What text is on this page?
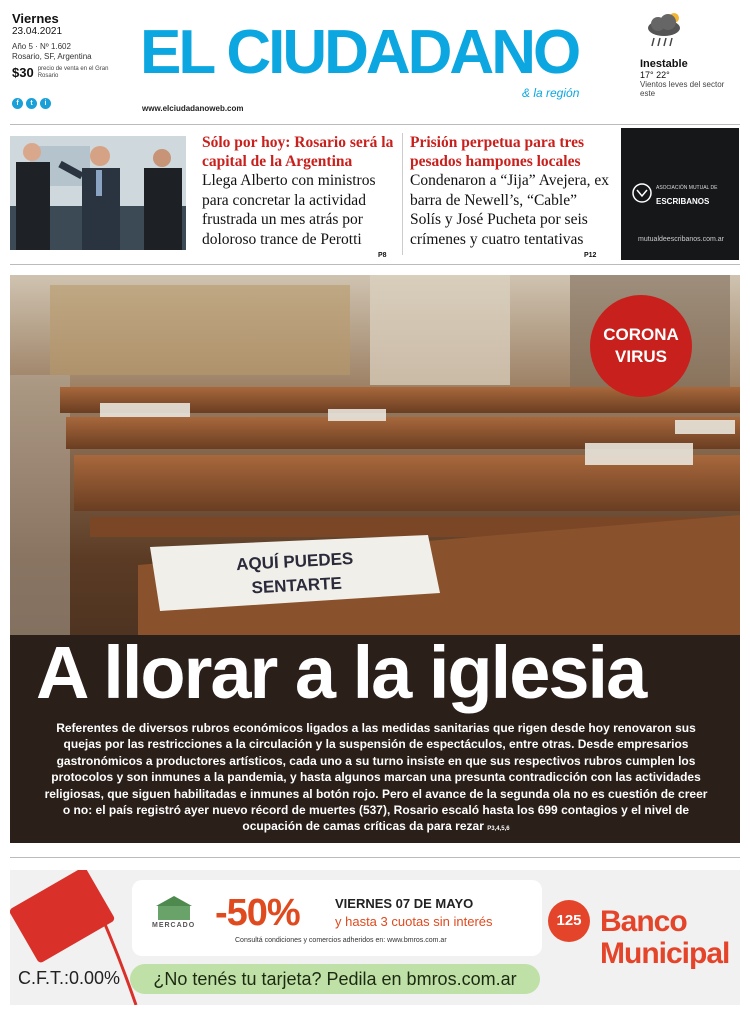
Viernes
23.04.2021
Año 5 · Nº 1.602
Rosario, SF, Argentina
$30 precio de venta en el Gran Rosario
f	t	i
EL CIUDADANO
& la región
www.elciudadanoweb.com
Inestable
17° 22°
Vientos leves del sector este
Sólo por hoy: Rosario será la capital de la Argentina

Llega Alberto con ministros para concretar la actividad frustrada un mes atrás por doloroso trance de Perotti

P8
Prisión perpetua para tres pesados hampones locales

Condenaron a “Jija” Avejera, ex barra de Newell’s, “Cable” Solís y José Pucheta por seis crímenes y cuatro tentativas

P12
ASOCIACIÓN MUTUAL DE
ESCRIBANOS
mutualdeescribanos.com.ar
AQUÍ PUEDES
SENTARTE
CORONA
VIRUS
A llorar a la iglesia
Referentes de diversos rubros económicos ligados a las medidas sanitarias que rigen desde hoy renovaron sus quejas por las restricciones a la circulación y la suspensión de espectáculos, entre otras. Desde empresarios gastronómicos a productores artísticos, cada uno a su turno insiste en que sus respectivos rubros cumplen los protocolos y son inmunes a la pandemia, y hasta algunos marcan una presunta contradicción con las actividades religiosas, que siguen habilitadas e inmunes al botón rojo. Pero el avance de la segunda ola no es cuestión de creer o no: el país registró ayer nuevo récord de muertes (537), Rosario escaló hasta los 699 contagios y el nivel de ocupación de camas críticas da para rezar P3,4,5,6
C.F.T.:0.00%
MERCADO -50%	VIERNES 07 DE MAYO
y hasta 3 cuotas sin interés
Consultá condiciones y comercios adheridos en: www.bmros.com.ar
¿No tenés tu tarjeta? Pedila en bmros.com.ar
125 Banco
Municipal
